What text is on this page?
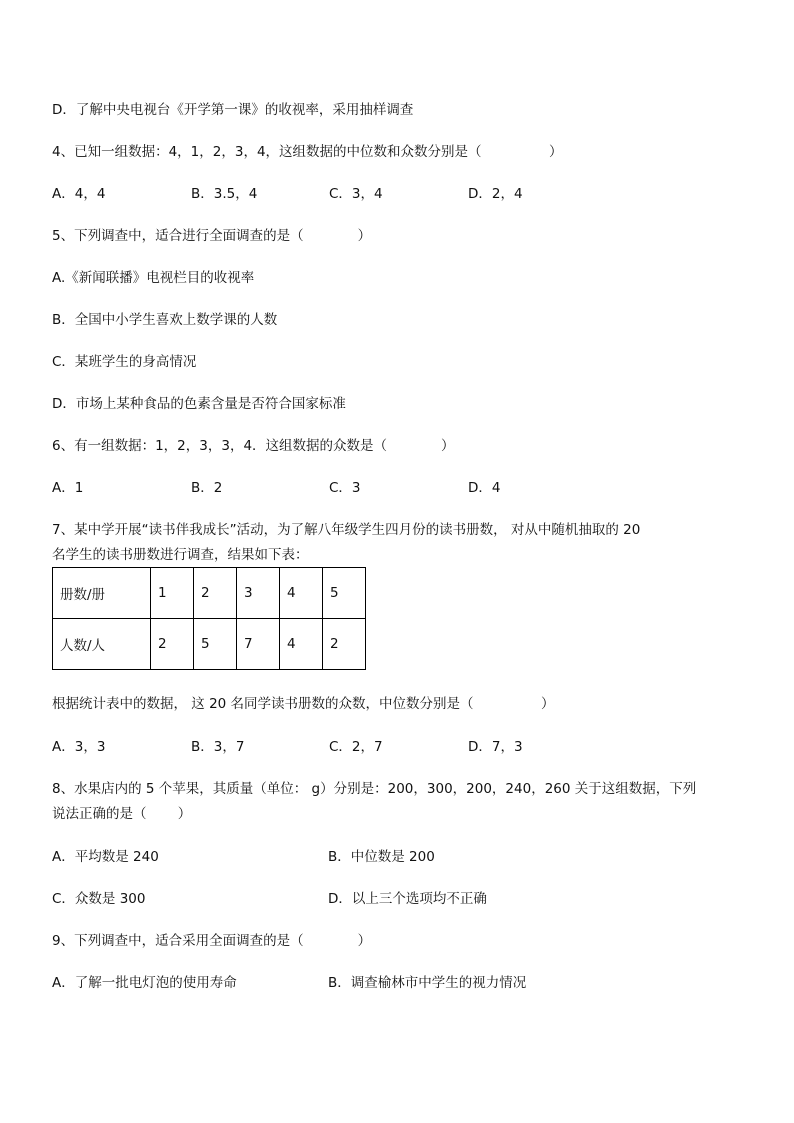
D．了解中央电视台《开学第一课》的收视率，采用抽样调查
4、已知一组数据：4，1，2，3，4，这组数据的中位数和众数分别是（　　　　　）
A．4，4	B．3.5，4	C．3，4	D．2，4
5、下列调查中，适合进行全面调查的是（　　　　）
A.《新闻联播》电视栏目的收视率
B．全国中小学生喜欢上数学课的人数
C．某班学生的身高情况
D．市场上某种食品的色素含量是否符合国家标准
6、有一组数据：1，2，3，3，4．这组数据的众数是（　　　　）
A．1	B．2	C．3	D．4
7、某中学开展“读书伴我成长”活动，为了解八年级学生四月份的读书册数， 对从中随机抽取的 20
名学生的读书册数进行调查，结果如下表：
册数/册	1	2	3	4	5
人数/人	2	5	7	4	2
根据统计表中的数据， 这 20 名同学读书册数的众数，中位数分别是（　　　　　）
A．3，3	B．3，7	C．2，7	D．7，3
8、水果店内的 5 个苹果，其质量（单位： g）分别是：200，300，200，240，260 关于这组数据，下列
说法正确的是（　　 ）
A．平均数是 240	B．中位数是 200
C．众数是 300	D．以上三个选项均不正确
9、下列调查中，适合采用全面调查的是（　　　　）
A．了解一批电灯泡的使用寿命	B．调查榆林市中学生的视力情况
